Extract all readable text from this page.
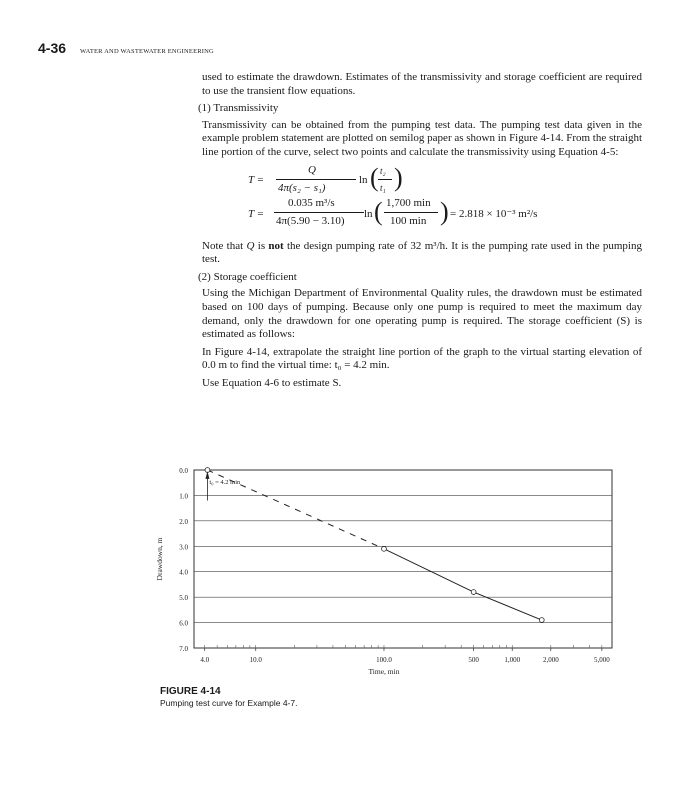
4-36 WATER AND WASTEWATER ENGINEERING

used to estimate the drawdown. Estimates of the transmissivity and storage coefficient are required to use the transient flow equations.

(1) Transmissivity

Transmissivity can be obtained from the pumping test data. The pumping test data given in the example problem statement are plotted on semilog paper as shown in Figure 4-14. From the straight line portion of the curve, select two points and calculate the transmissivity using Equation 4-5:

T =
Q
4π(s₂ − s₁)
ln ( t₂
t₁ )
T =
0.035 m³/s
4π(5.90 − 3.10)
ln ( 1,700 min
100 min ) = 2.818 × 10⁻³ m²/s

Note that Q is not the design pumping rate of 32 m³/h. It is the pumping rate used in the pumping test.

(2) Storage coefficient

Using the Michigan Department of Environmental Quality rules, the drawdown must be estimated based on 100 days of pumping. Because only one pump is required to meet the maximum day demand, only the drawdown for one operating pump is required. The storage coefficient (S) is estimated as follows:

In Figure 4-14, extrapolate the straight line portion of the graph to the virtual starting elevation of 0.0 m to find the virtual time: t₀ = 4.2 min.

Use Equation 4-6 to estimate S.

0.0
1.0
2.0
3.0
4.0
5.0
6.0
7.0
4.0	10.0	100.0	500	1,000	2,000	5,000
Time, min
Drawdown, m
t₀ = 4.2 min
FIGURE 4-14
Pumping test curve for Example 4-7.
